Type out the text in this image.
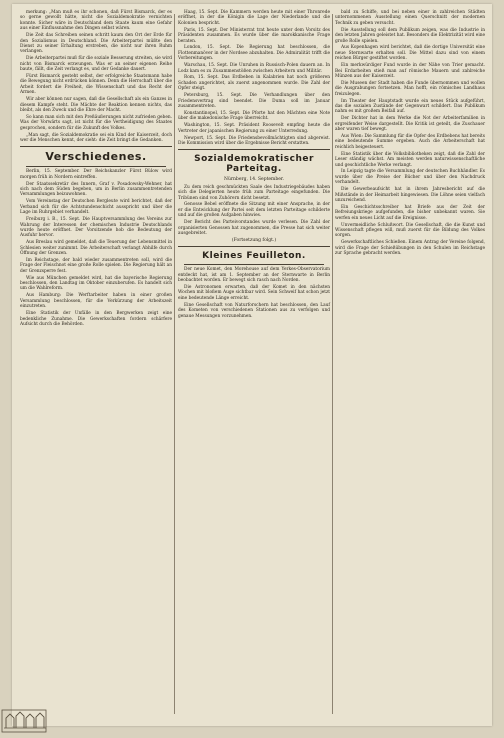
merkung: „Man muß es ihr schonen, daß Fürst Bismarck, der es so gerne gewollt hätte, nicht die Sozialdemokratie vernichten konnte. Sicher wäre in Deutschland dem Staate kaum eine Gefahr aus einer Einflussnahme den Dingen selbst wären.

Die Zeit das Schreiben seinen schritt kaum den Ort der Erde für den Sozialismus in Deutschland. Die Arbeiterpartei müßte den Dienst zu seiner Erhaltung erstreben, die nicht nur ihren Ruhm verlangen.

Die Arbeiterpartei muß für die soziale Besserung streiten, sie wird nicht von Bismarck erzwungen. Was er an seiner eigenen Reihe baute, fällt, die Zeit verlangt es, und der Gedanke dauert.

Fürst Bismarck gesteht selbst, der erfolgreiche Staatsmann habe die Bewegung nicht erdrücken können. Denn die Herrschaft über die Arbeit fordert die Freiheit, die Wissenschaft und das Recht der Armen.

Wir aber können nur sagen, daß die Gesellschaft als ein Ganzes in diesem Kampfe steht. Die Mächte der Reaktion kennen nichts, das bleibt, als den Zweck und die Ehre der Macht.

So kann man sich mit den Preßäußerungen nicht zufrieden geben. Was der Vorwärts sagt, ist nicht für die Vertheidigung des Staates gesprochen, sondern für die Zukunft des Volkes.

„Man sagt, die Sozialdemokratie sei ein Kind der Kaiserzeit, doch wer die Menschen kennt, der sieht: die Zeit bringt die Gedanken.

Verschiedenes.

Berlin, 15. September. Der Reichskanzler Fürst Bülow wird morgen früh in Nordern eintreffen.

Der Staatssekretär des Innern, Graf v. Posadowsky-Wehner, hat sich nach dem Süden begeben, um in Berlin zusammentretenden Versammlungen beizuwohnen.

Vom Vereinstag der Deutschen Bergleute wird berichtet, daß der Verband sich für die Achtstundenschicht ausspricht und über die Lage im Ruhrgebiet verhandelt.

Freiburg i. B., 15. Sept. Die Hauptversammlung des Vereins zur Wahrung der Interessen der chemischen Industrie Deutschlands wurde heute eröffnet. Der Vorsitzende hob die Bedeutung der Ausfuhr hervor.

Aus Breslau wird gemeldet, daß die Teuerung der Lebensmittel in Schlesien weiter zunimmt. Die Arbeiterschaft verlangt Abhilfe durch Öffnung der Grenzen.

Im Reichstage, der bald wieder zusammentreten soll, wird die Frage der Fleischnot eine große Rolle spielen. Die Regierung hält an der Grenzsperre fest.

Wie aus München gemeldet wird, hat die bayerische Regierung beschlossen, den Landtag im Oktober einzuberufen. Es handelt sich um die Wahlreform.

Aus Hamburg: Die Werftarbeiter haben in einer großen Versammlung beschlossen, für die Verkürzung der Arbeitszeit einzutreten.

Eine Statistik der Unfälle in den Bergwerken zeigt eine bedenkliche Zunahme. Die Gewerkschaften fordern schärfere Aufsicht durch die Behörden.

Haag, 15. Sept. Die Kammern werden heute mit einer Thronrede eröffnet, in der die Königin die Lage der Niederlande und die Kolonien bespricht.

Paris, 15. Sept. Der Ministerrat trat heute unter dem Vorsitz des Präsidenten zusammen. Es wurde über die marokkanische Frage beraten.

London, 15. Sept. Die Regierung hat beschlossen, die Flottenmanöver in der Nordsee abzuhalten. Die Admiralität trifft die Vorbereitungen.

Warschau, 15. Sept. Die Unruhen in Russisch-Polen dauern an. In Lodz kam es zu Zusammenstößen zwischen Arbeitern und Militär.

Rom, 15. Sept. Das Erdbeben in Kalabrien hat noch größeren Schaden angerichtet, als zuerst angenommen wurde. Die Zahl der Opfer steigt.

Petersburg, 15. Sept. Die Verhandlungen über den Friedensvertrag sind beendet. Die Duma soll im Januar zusammentreten.

Konstantinopel, 15. Sept. Die Pforte hat den Mächten eine Note über die makedonische Frage überreicht.

Washington, 15. Sept. Präsident Roosevelt empfing heute die Vertreter der japanischen Regierung zu einer Unterredung.

Newport, 15. Sept. Die Friedensbevollmächtigten sind abgereist. Die Kommission wird über die Ergebnisse Bericht erstatten.

Sozialdemokratischer Parteitag.
Nürnberg, 14. September.

Zu dem reich geschmückten Saale des Industriegebäudes haben sich die Delegierten heute früh zum Parteitage eingefunden. Die Tribünen sind von Zuhörern dicht besetzt.

Genosse Bebel eröffnete die Sitzung mit einer Ansprache, in der er die Entwicklung der Partei seit dem letzten Parteitage schilderte und auf die großen Aufgaben hinwies.

Der Bericht des Parteivorstandes wurde verlesen. Die Zahl der organisierten Genossen hat zugenommen, die Presse hat sich weiter ausgebreitet.

(Fortsetzung folgt.)
Kleines Feuilleton.

Der neue Komet, den Morehouse auf dem Yerkes-Observatorium entdeckt hat, ist am 1. September an der Sternwarte in Berlin beobachtet worden. Er bewegt sich rasch nach Norden.

Die Astronomen erwarten, daß der Komet in den nächsten Wochen mit bloßem Auge sichtbar wird. Sein Schweif hat schon jetzt eine bedeutende Länge erreicht.

Eine Gesellschaft von Naturforschern hat beschlossen, den Lauf des Kometen von verschiedenen Stationen aus zu verfolgen und genaue Messungen vorzunehmen.

bald zu Schiffe, und bei neben einer in zahlreichen Städten unternommenen Ausstellung einen Querschnitt der modernen Technik zu geben versucht.

Die Ausstellung soll dem Publikum zeigen, was die Industrie in den letzten Jahren geleistet hat. Besonders die Elektrizität wird eine große Rolle spielen.

Aus Kopenhagen wird berichtet, daß die dortige Universität eine neue Sternwarte erhalten soll. Die Mittel dazu sind von einem reichen Bürger gestiftet worden.

Ein merkwürdiger Fund wurde in der Nähe von Trier gemacht. Bei Erdarbeiten stieß man auf römische Mauern und zahlreiche Münzen aus der Kaiserzeit.

Die Museen der Stadt haben die Funde übernommen und wollen die Ausgrabungen fortsetzen. Man hofft, ein römisches Landhaus freizulegen.

Im Theater der Hauptstadt wurde ein neues Stück aufgeführt, das die sozialen Zustände der Gegenwart schildert. Das Publikum nahm es mit großem Beifall auf.

Der Dichter hat in dem Werke die Not der Arbeiterfamilien in ergreifender Weise dargestellt. Die Kritik ist geteilt, die Zuschauer aber waren tief bewegt.

Aus Wien: Die Sammlung für die Opfer des Erdbebens hat bereits eine bedeutende Summe ergeben. Auch die Arbeiterschaft hat reichlich beigesteuert.

Eine Statistik über die Volksbibliotheken zeigt, daß die Zahl der Leser ständig wächst. Am meisten werden naturwissenschaftliche und geschichtliche Werke verlangt.

In Leipzig tagte die Versammlung der deutschen Buchhändler. Es wurde über die Preise der Bücher und über den Nachdruck verhandelt.

Die Gewerbeaufsicht hat in ihrem Jahresbericht auf die Mißstände in der Heimarbeit hingewiesen. Die Löhne seien vielfach unzureichend.

Ein Geschichtsschreiber hat Briefe aus der Zeit der Befreiungskriege aufgefunden, die bisher unbekannt waren. Sie werfen ein neues Licht auf die Ereignisse.

Unvermeidliche Schlußwort. Die Gesellschaft, die die Kunst und Wissenschaft pflegen will, muß zuerst für die Bildung des Volkes sorgen.

Gewerkschaftliches Schießen. Einem Antrag der Vereine folgend, wird die Frage der Schießübungen in den Schulen im Reichstage zur Sprache gebracht werden.
